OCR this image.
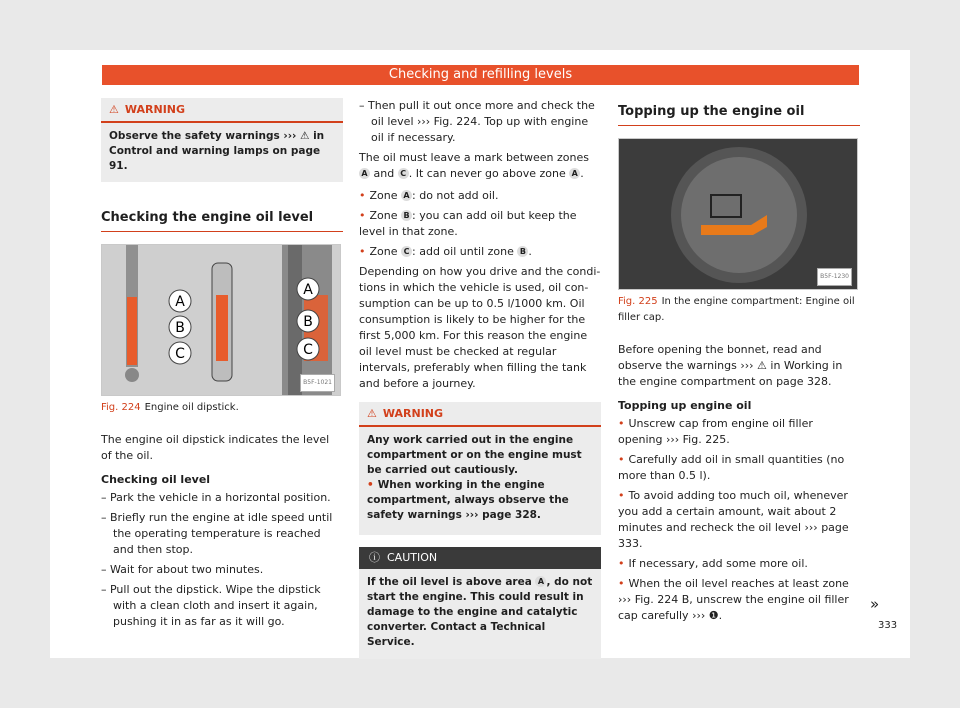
Checking and refilling levels
⚠ WARNING
Observe the safety warnings ››› ⚠ in Control and warning lamps on page 91.
Checking the engine oil level
A
B
C
A
B
C
B5F-1021
Fig. 224 Engine oil dipstick.

The engine oil dipstick indicates the level of the oil.

Checking oil level
– Park the vehicle in a horizontal position.
– Briefly run the engine at idle speed until the operating temperature is reached and then stop.
– Wait for about two minutes.
– Pull out the dipstick. Wipe the dipstick with a clean cloth and insert it again, pushing it in as far as it will go.
– Then pull it out once more and check the oil level ››› Fig. 224. Top up with engine oil if necessary.

The oil must leave a mark between zones A and C . It can never go above zone A .

• Zone A : do not add oil.
• Zone B : you can add oil but keep the level in that zone.
• Zone C : add oil until zone B .

Depending on how you drive and the conditions in which the vehicle is used, oil consumption can be up to 0.5 l/1000 km. Oil consumption is likely to be higher for the first 5,000 km. For this reason the engine oil level must be checked at regular intervals, preferably when filling the tank and before a journey.

⚠ WARNING
Any work carried out in the engine compartment or on the engine must be carried out cautiously.
• When working in the engine compartment, always observe the safety warnings ››› page 328.
ⓘ CAUTION
If the oil level is above area A , do not start the engine. This could result in damage to the engine and catalytic converter. Contact a Technical Service.
Topping up the engine oil
B5F-1230
Fig. 225 In the engine compartment: Engine oil filler cap.

Before opening the bonnet, read and observe the warnings ››› ⚠ in Working in the engine compartment on page 328.

Topping up engine oil
• Unscrew cap from engine oil filler opening ››› Fig. 225.
• Carefully add oil in small quantities (no more than 0.5 l).
• To avoid adding too much oil, whenever you add a certain amount, wait about 2 minutes and recheck the oil level ››› page 333.
• If necessary, add some more oil.
• When the oil level reaches at least zone ››› Fig. 224 B, unscrew the engine oil filler cap carefully ››› ❶.
»
333
